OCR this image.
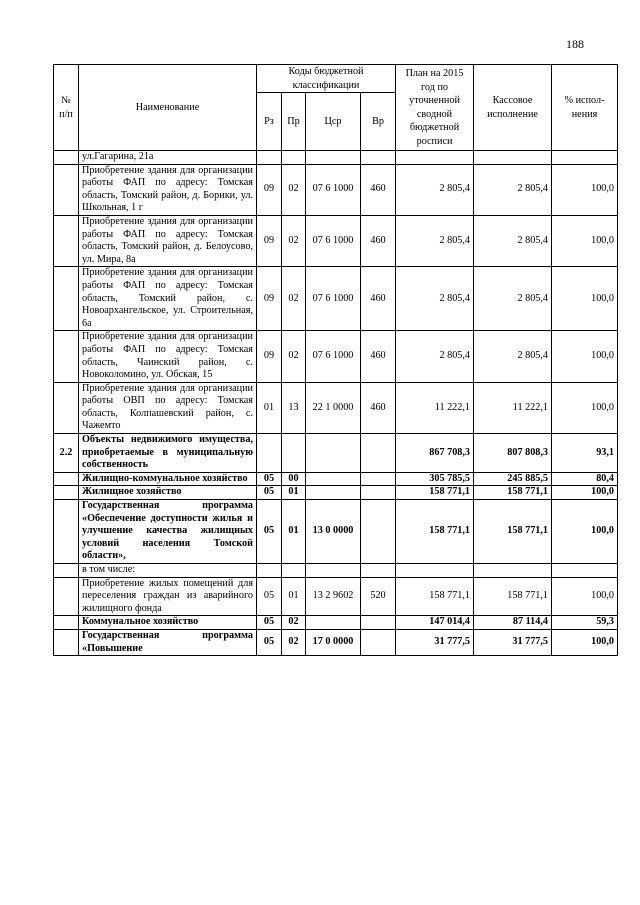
188
№ п/п	Наименование	Коды бюджетной классификации				План на 2015 год по уточненной сводной бюджетной росписи	Кассовое исполнение	% испол-нения
		Рз	Пр	Цср	Вр			
	ул.Гагарина, 21а							
	Приобретение здания для организации работы ФАП по адресу: Томская область, Томский район, д. Борики, ул. Школьная, 1 г	09	02	07 6 1000	460	2 805,4	2 805,4	100,0
	Приобретение здания для организации работы ФАП по адресу: Томская область, Томский район, д. Белоусово, ул. Мира, 8а	09	02	07 6 1000	460	2 805,4	2 805,4	100,0
	Приобретение здания для организации работы ФАП по адресу: Томская область, Томский район, с. Новоархангельское, ул. Строительная, 6а	09	02	07 6 1000	460	2 805,4	2 805,4	100,0
	Приобретение здания для организации работы ФАП по адресу: Томская область, Чаинский район, с. Новоколомино, ул. Обская, 15	09	02	07 6 1000	460	2 805,4	2 805,4	100,0
	Приобретение здания для организации работы ОВП по адресу: Томская область, Колпашевский район, с. Чажемто	01	13	22 1 0000	460	11 222,1	11 222,1	100,0
2.2	Объекты недвижимого имущества, приобретаемые в муниципальную собственность					867 708,3	807 808,3	93,1
	Жилищно-коммунальное хозяйство	05	00			305 785,5	245 885,5	80,4
	Жилищное хозяйство	05	01			158 771,1	158 771,1	100,0
	Государственная программа «Обеспечение доступности жилья и улучшение качества жилищных условий населения Томской области»,	05	01	13 0 0000		158 771,1	158 771,1	100,0
	в том числе:							
	Приобретение жилых помещений для переселения граждан из аварийного жилищного фонда	05	01	13 2 9602	520	158 771,1	158 771,1	100,0
	Коммунальное хозяйство	05	02			147 014,4	87 114,4	59,3
	Государственная программа «Повышение	05	02	17 0 0000		31 777,5	31 777,5	100,0
